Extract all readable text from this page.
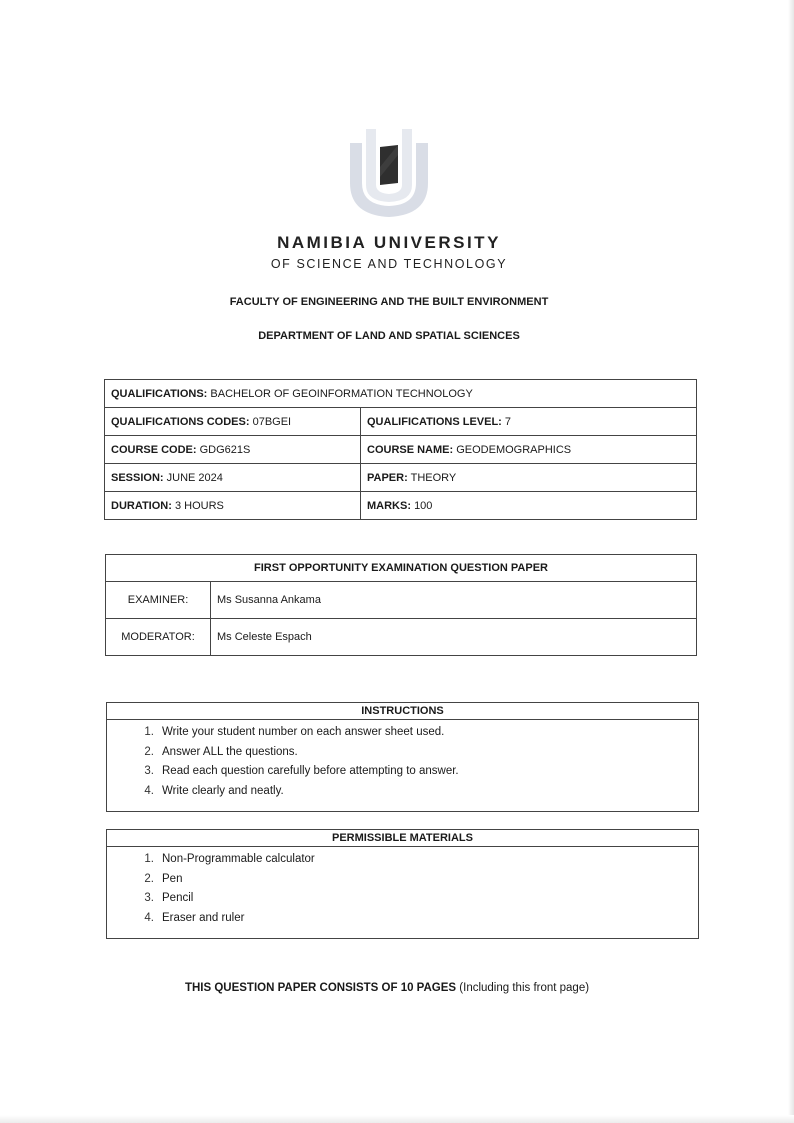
NAMIBIA UNIVERSITY
OF SCIENCE AND TECHNOLOGY
FACULTY OF ENGINEERING AND THE BUILT ENVIRONMENT
DEPARTMENT OF LAND AND SPATIAL SCIENCES
QUALIFICATIONS: BACHELOR OF GEOINFORMATION TECHNOLOGY	
QUALIFICATIONS CODES: 07BGEI	QUALIFICATIONS LEVEL: 7
COURSE CODE: GDG621S	COURSE NAME: GEODEMOGRAPHICS
SESSION: JUNE 2024	PAPER: THEORY
DURATION: 3 HOURS	MARKS: 100
FIRST OPPORTUNITY EXAMINATION QUESTION PAPER	
EXAMINER:	Ms Susanna Ankama
MODERATOR:	Ms Celeste Espach
INSTRUCTIONS
1. Write your student number on each answer sheet used.
2. Answer ALL the questions.
3. Read each question carefully before attempting to answer.
4. Write clearly and neatly.
PERMISSIBLE MATERIALS
1. Non-Programmable calculator
2. Pen
3. Pencil
4. Eraser and ruler
THIS QUESTION PAPER CONSISTS OF 10 PAGES (Including this front page)
